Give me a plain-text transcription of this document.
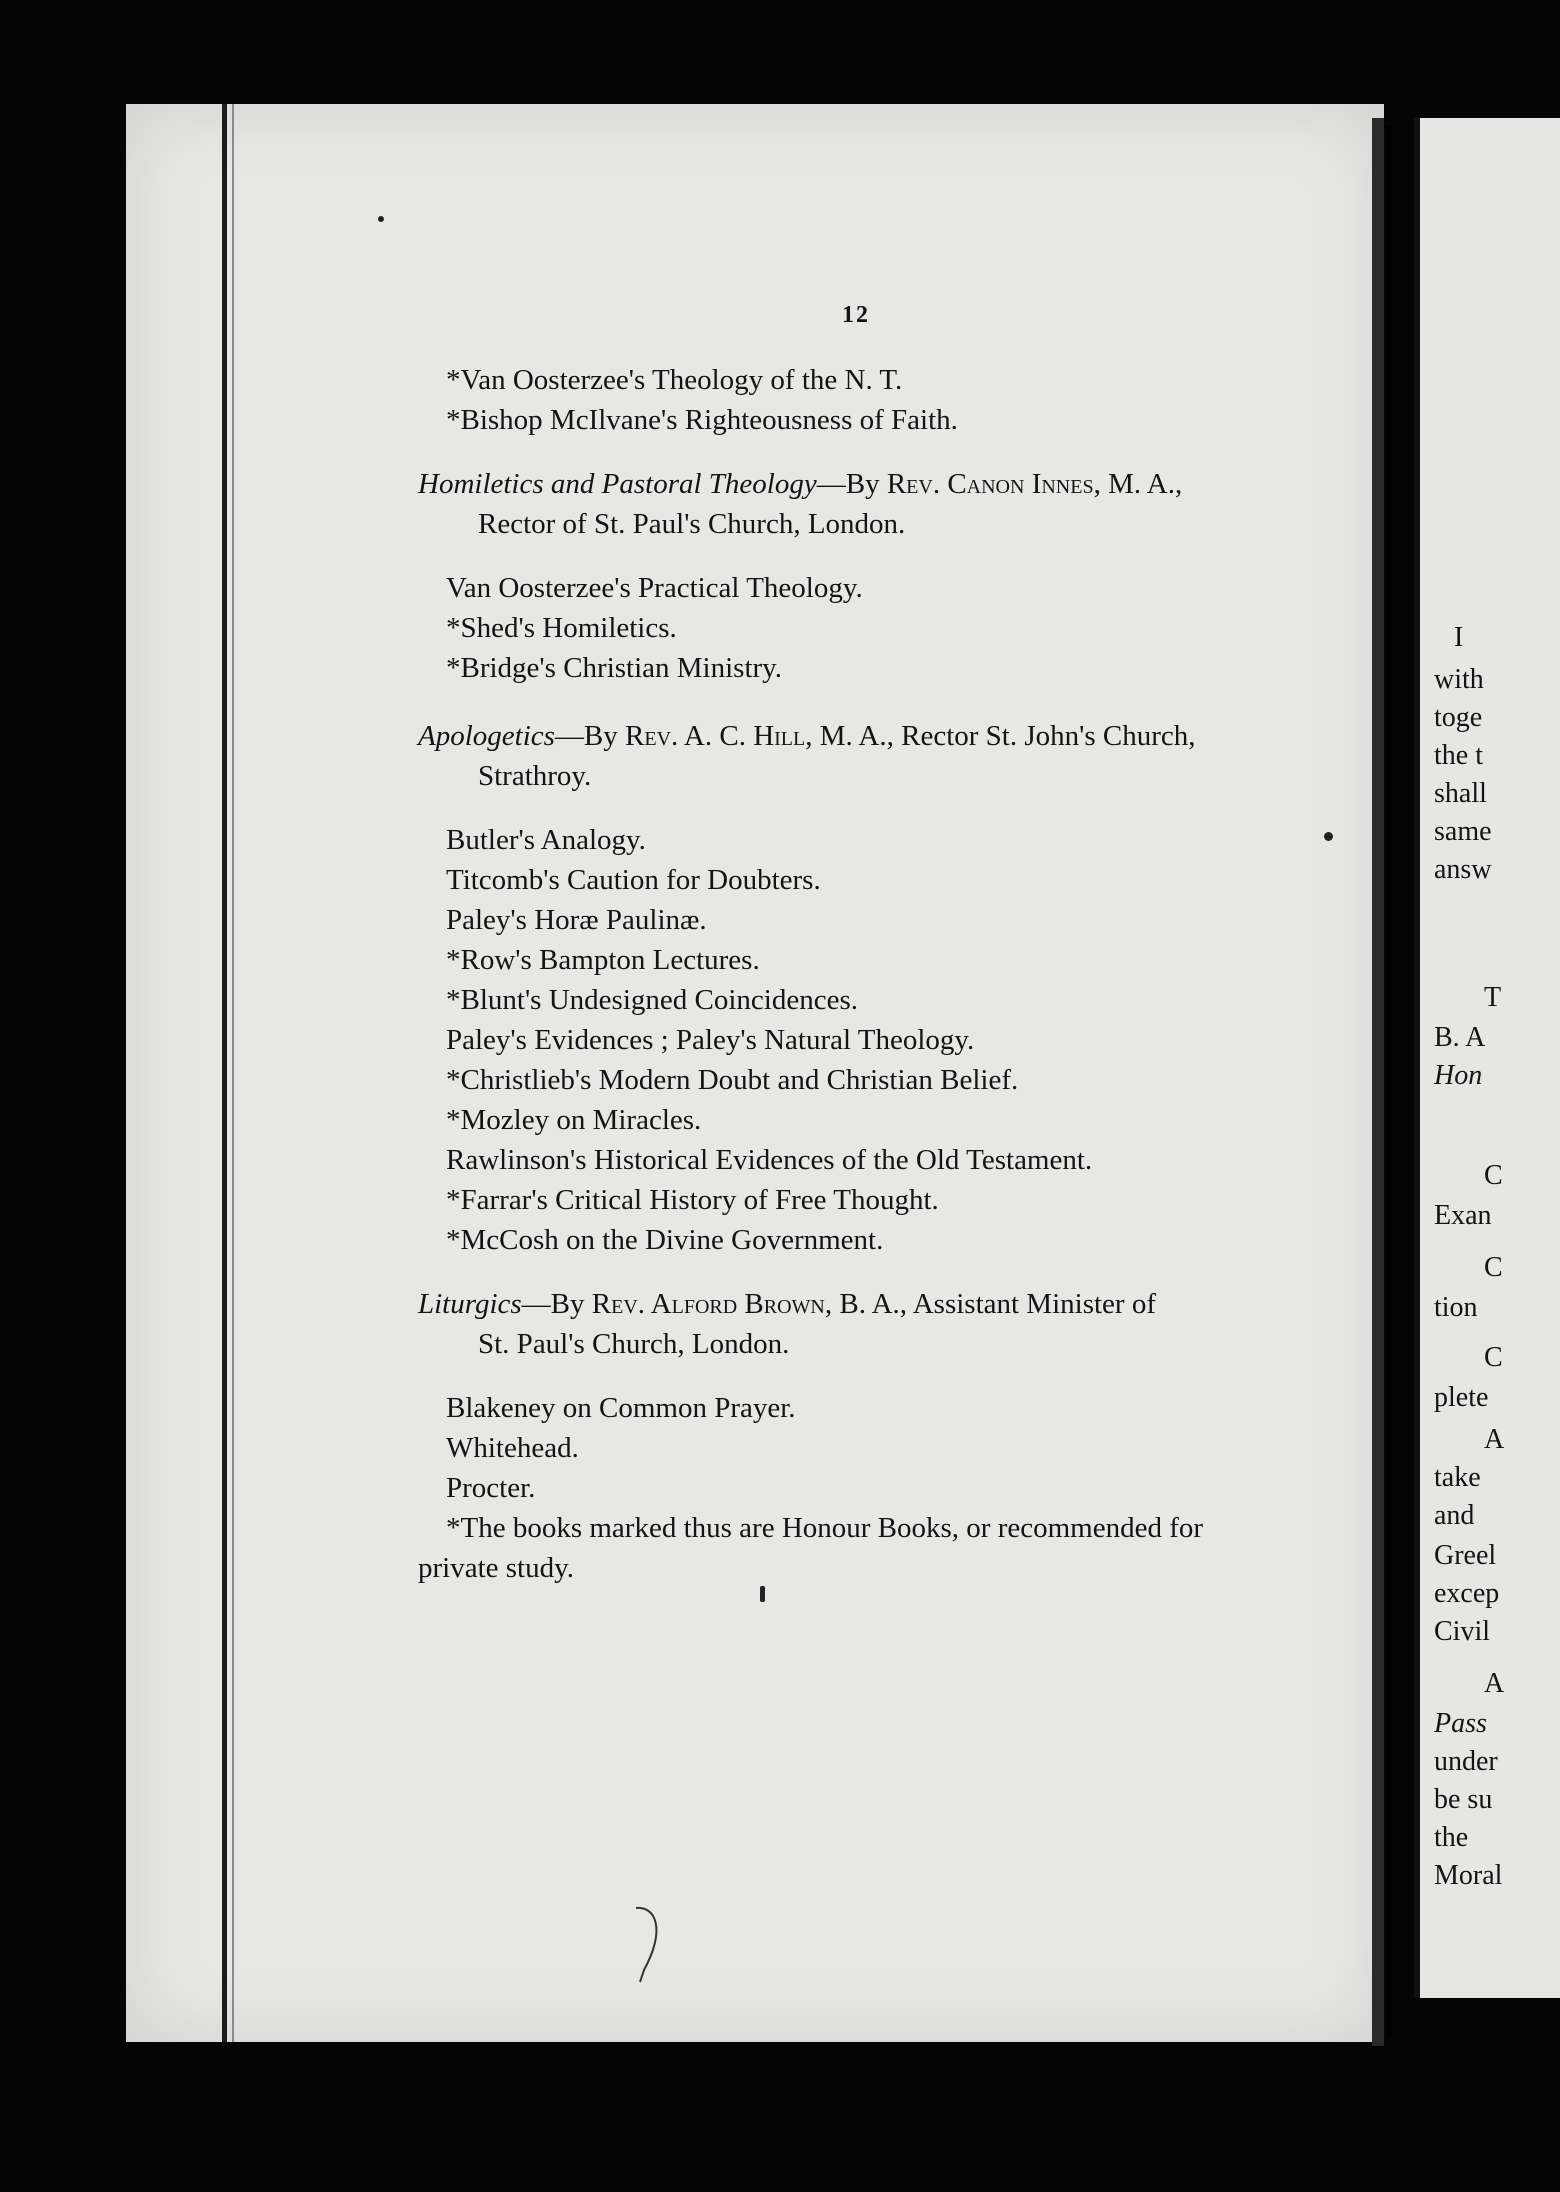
12
*Van Oosterzee's Theology of the N. T.
*Bishop McIlvane's Righteousness of Faith.
Homiletics and Pastoral Theology—By Rev. Canon Innes, M. A.,
Rector of St. Paul's Church, London.
Van Oosterzee's Practical Theology.
*Shed's Homiletics.
*Bridge's Christian Ministry.
Apologetics—By Rev. A. C. Hill, M. A., Rector St. John's Church,
Strathroy.
Butler's Analogy.
Titcomb's Caution for Doubters.
Paley's Horæ Paulinæ.
*Row's Bampton Lectures.
*Blunt's Undesigned Coincidences.
Paley's Evidences ; Paley's Natural Theology.
*Christlieb's Modern Doubt and Christian Belief.
*Mozley on Miracles.
Rawlinson's Historical Evidences of the Old Testament.
*Farrar's Critical History of Free Thought.
*McCosh on the Divine Government.
Liturgics—By Rev. Alford Brown, B. A., Assistant Minister of
St. Paul's Church, London.
Blakeney on Common Prayer.
Whitehead.
Procter.
*The books marked thus are Honour Books, or recommended for
private study.
I
with
toge
the t
shall
same
answ
T
B. A
Hon
C
Exan
C
tion
C
plete
A
take
and
Greel
excep
Civil
A
Pass
under
be su
the
Moral
